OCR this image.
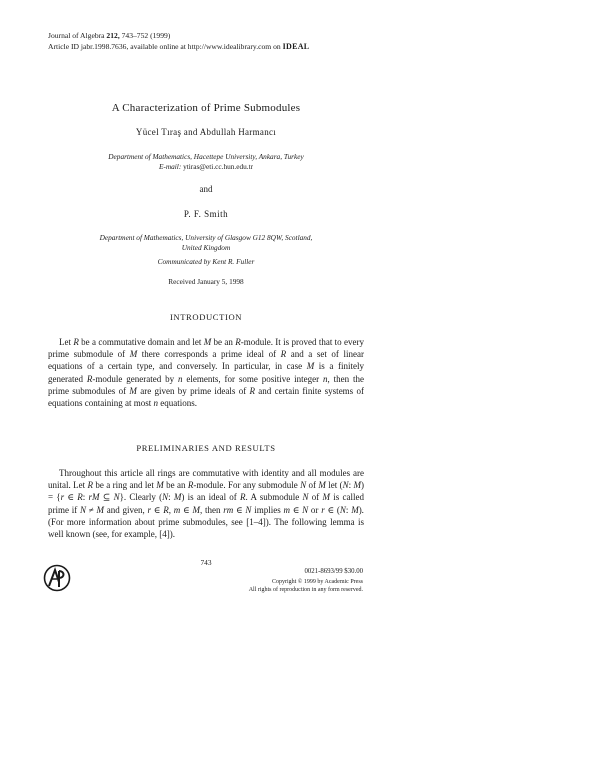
Journal of Algebra 212, 743–752 (1999)
Article ID jabr.1998.7636, available online at http://www.idealibrary.com on IDEAL
A Characterization of Prime Submodules
Yücel Tıraş and Abdullah Harmancı
Department of Mathematics, Hacettepe University, Ankara, Turkey
E-mail: ytiras@eti.cc.hun.edu.tr
and
P. F. Smith
Department of Mathematics, University of Glasgow G12 8QW, Scotland,
United Kingdom
Communicated by Kent R. Fuller
Received January 5, 1998
INTRODUCTION

Let R be a commutative domain and let M be an R-module. It is proved that to every prime submodule of M there corresponds a prime ideal of R and a set of linear equations of a certain type, and conversely. In particular, in case M is a finitely generated R-module generated by n elements, for some positive integer n, then the prime submodules of M are given by prime ideals of R and certain finite systems of equations containing at most n equations.

PRELIMINARIES AND RESULTS

Throughout this article all rings are commutative with identity and all modules are unital. Let R be a ring and let M be an R-module. For any submodule N of M let (N: M) = {r ∈ R: rM ⊆ N}. Clearly (N: M) is an ideal of R. A submodule N of M is called prime if N ≠ M and given, r ∈ R, m ∈ M, then rm ∈ N implies m ∈ N or r ∈ (N: M). (For more information about prime submodules, see [1–4]). The following lemma is well known (see, for example, [4]).

743
0021-8693/99 $30.00
Copyright © 1999 by Academic Press
All rights of reproduction in any form reserved.
